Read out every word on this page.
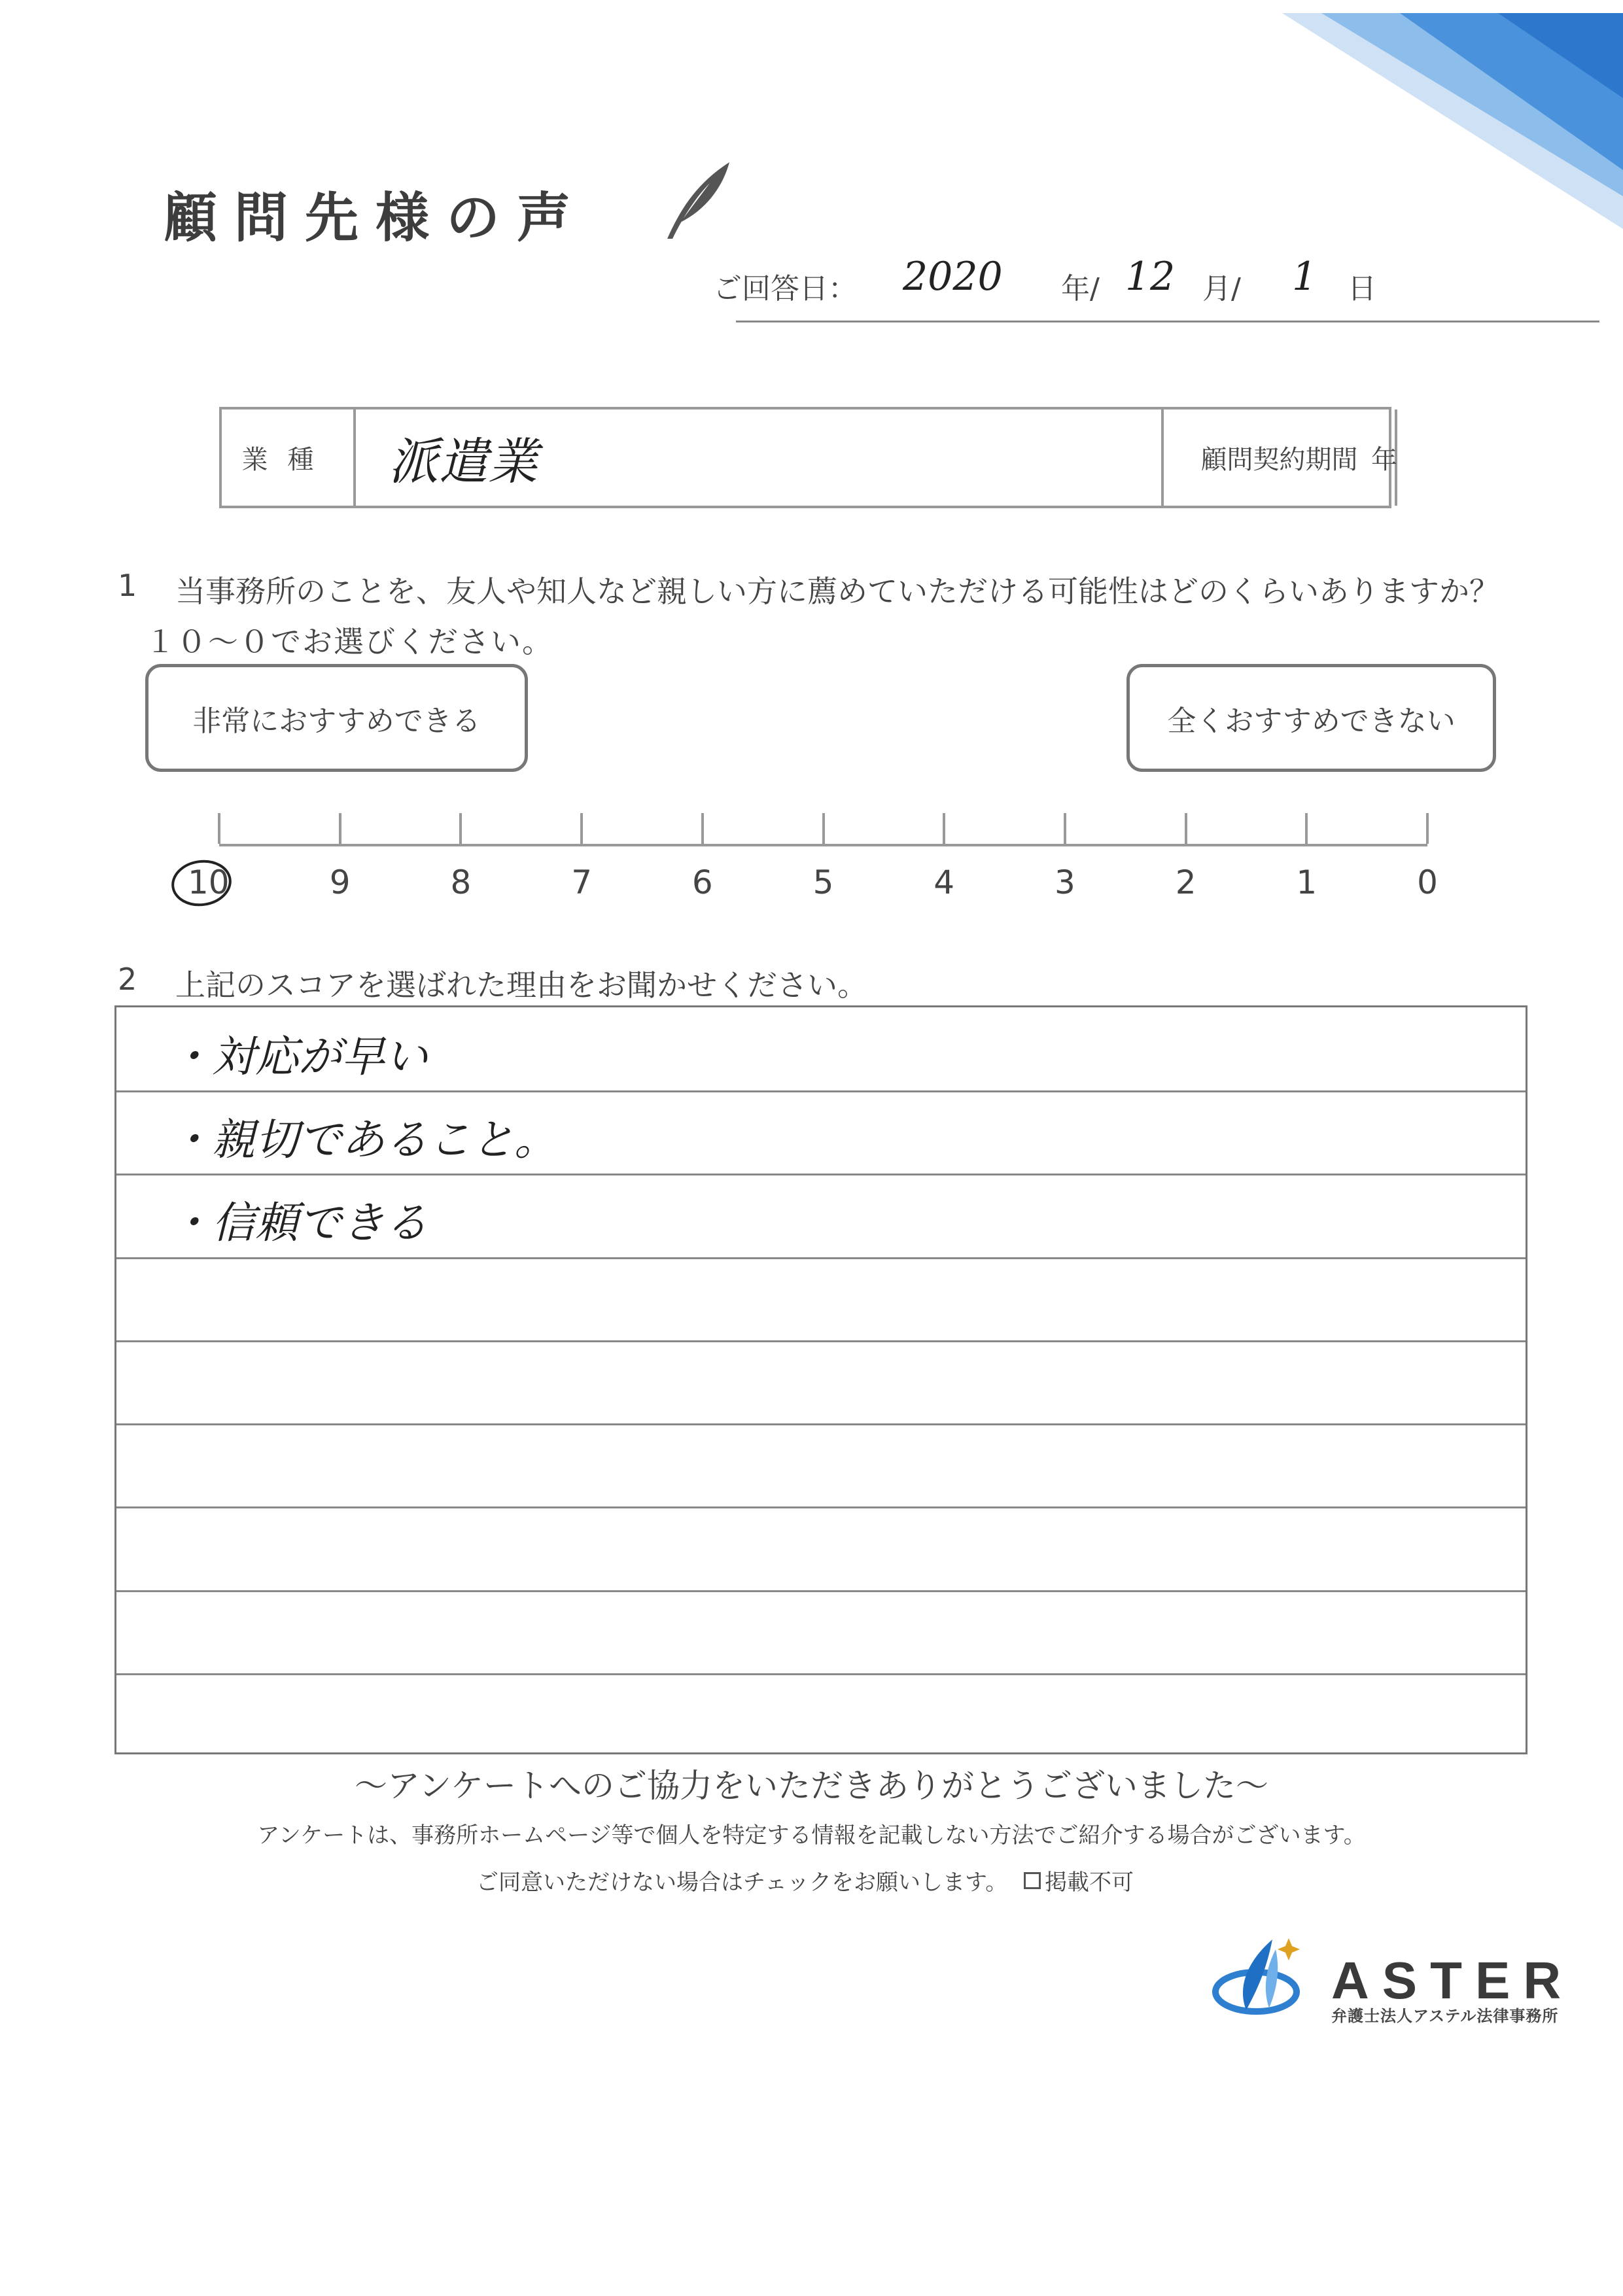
顧問先様の声
ご回答日： 2020 年/ 12 月/ 1 日
業種	派遣業	顧問契約期間 年
1 当事務所のことを、友人や知人など親しい方に薦めていただける可能性はどのくらいありますか？
１０〜０でお選びください。
非常におすすめできる	全くおすすめできない
2 上記のスコアを選ばれた理由をお聞かせください。
・対応が早い
・親切であること。
・信頼できる
〜アンケートへのご協力をいただきありがとうございました〜
アンケートは、事務所ホームページ等で個人を特定する情報を記載しない方法でご紹介する場合がございます。
ご同意いただけない場合はチェックをお願いします。 掲載不可
ASTER
弁護士法人アステル法律事務所
10	9	8	7	6	5	4	3	2	1	0
